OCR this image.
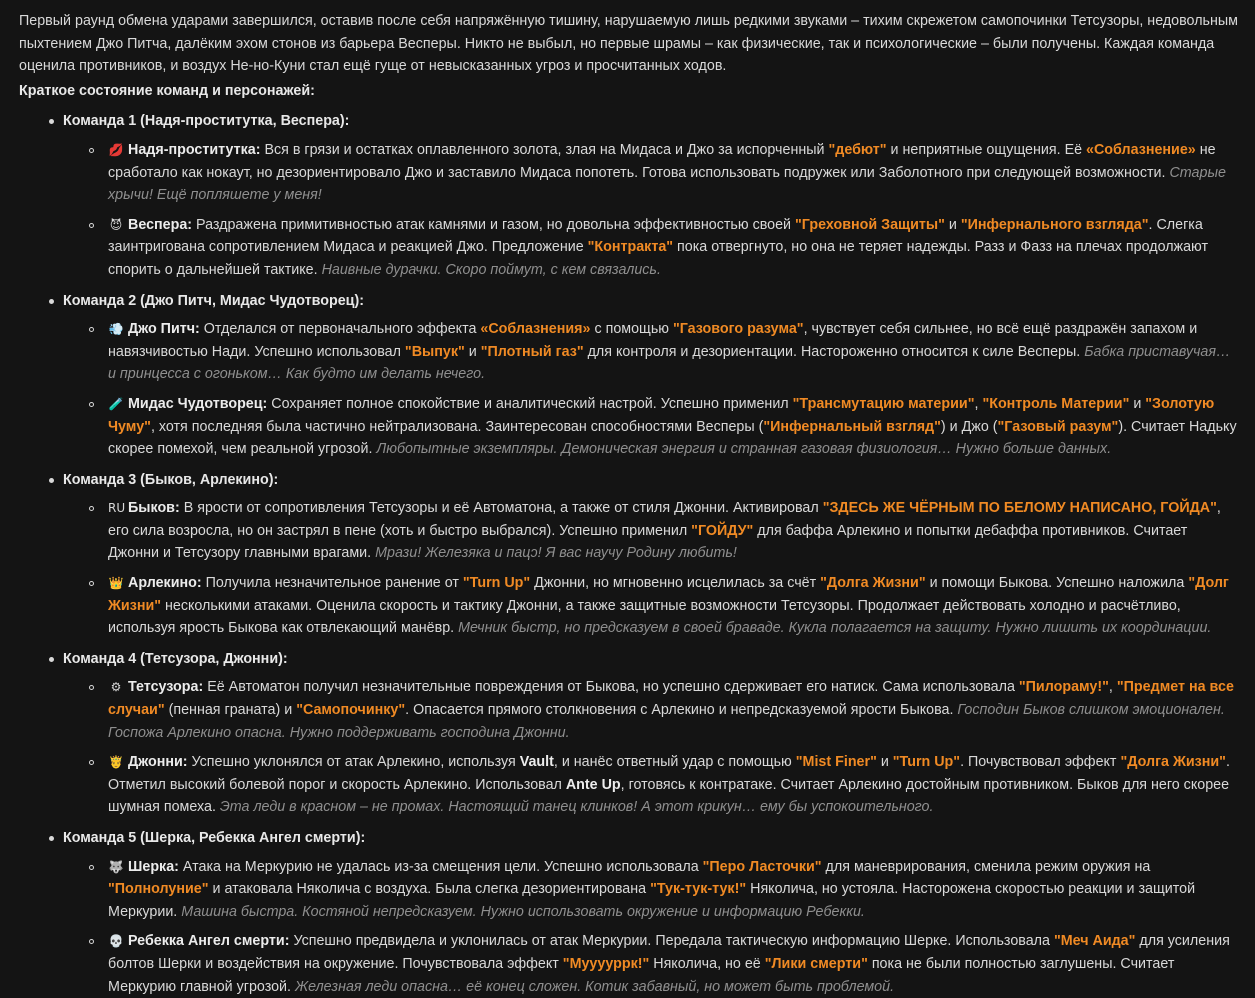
Первый раунд обмена ударами завершился, оставив после себя напряжённую тишину, нарушаемую лишь редкими звуками – тихим скрежетом самопочинки Тетсузоры, недовольным пыхтением Джо Питча, далёким эхом стонов из барьера Весперы. Никто не выбыл, но первые шрамы – как физические, так и психологические – были получены. Каждая команда оценила противников, и воздух Не-но-Куни стал ещё гуще от невысказанных угроз и просчитанных ходов.

Краткое состояние команд и персонажей:

Команда 1 (Надя-проститутка, Веспера):
💋 Надя-проститутка: Вся в грязи и остатках оплавленного золота, злая на Мидаса и Джо за испорченный "дебют" и неприятные ощущения. Её «Соблазнение» не сработало как нокаут, но дезориентировало Джо и заставило Мидаса попотеть. Готова использовать подружек или Заболотного при следующей возможности. Старые хрычи! Ещё попляшете у меня!
😈 Веспера: Раздражена примитивностью атак камнями и газом, но довольна эффективностью своей "Греховной Защиты" и "Инфернального взгляда". Слегка заинтригована сопротивлением Мидаса и реакцией Джо. Предложение "Контракта" пока отвергнуто, но она не теряет надежды. Разз и Фазз на плечах продолжают спорить о дальнейшей тактике. Наивные дурачки. Скоро поймут, с кем связались.
Команда 2 (Джо Питч, Мидас Чудотворец):
💨 Джо Питч: Отделался от первоначального эффекта «Соблазнения» с помощью "Газового разума", чувствует себя сильнее, но всё ещё раздражён запахом и навязчивостью Нади. Успешно использовал "Выпук" и "Плотный газ" для контроля и дезориентации. Настороженно относится к силе Весперы. Бабка приставучая… и принцесса с огоньком… Как будто им делать нечего.
🧪 Мидас Чудотворец: Сохраняет полное спокойствие и аналитический настрой. Успешно применил "Трансмутацию материи", "Контроль Материи" и "Золотую Чуму", хотя последняя была частично нейтрализована. Заинтересован способностями Весперы ("Инфернальный взгляд") и Джо ("Газовый разум"). Считает Надьку скорее помехой, чем реальной угрозой. Любопытные экземпляры. Демоническая энергия и странная газовая физиология… Нужно больше данных.
Команда 3 (Быков, Арлекино):
RU Быков: В ярости от сопротивления Тетсузоры и её Автоматона, а также от стиля Джонни. Активировал "ЗДЕСЬ ЖЕ ЧЁРНЫМ ПО БЕЛОМУ НАПИСАНО, ГОЙДА", его сила возросла, но он застрял в пене (хоть и быстро выбрался). Успешно применил "ГОЙДУ" для баффа Арлекино и попытки дебаффа противников. Считает Джонни и Тетсузору главными врагами. Мрази! Железяка и пацↄ! Я вас научу Родину любить!
👑 Арлекино: Получила незначительное ранение от "Turn Up" Джонни, но мгновенно исцелилась за счёт "Долга Жизни" и помощи Быкова. Успешно наложила "Долг Жизни" несколькими атаками. Оценила скорость и тактику Джонни, а также защитные возможности Тетсузоры. Продолжает действовать холодно и расчётливо, используя ярость Быкова как отвлекающий манёвр. Мечник быстр, но предсказуем в своей браваде. Кукла полагается на защиту. Нужно лишить их координации.
Команда 4 (Тетсузора, Джонни):
⚙ Тетсузора: Её Автоматон получил незначительные повреждения от Быкова, но успешно сдерживает его натиск. Сама использовала "Пилораму!", "Предмет на все случаи" (пенная граната) и "Самопочинку". Опасается прямого столкновения с Арлекино и непредсказуемой ярости Быкова. Господин Быков слишком эмоционален. Госпожа Арлекино опасна. Нужно поддерживать господина Джонни.
🤴 Джонни: Успешно уклонялся от атак Арлекино, используя Vault, и нанёс ответный удар с помощью "Mist Finer" и "Turn Up". Почувствовал эффект "Долга Жизни". Отметил высокий болевой порог и скорость Арлекино. Использовал Ante Up, готовясь к контратаке. Считает Арлекино достойным противником. Быков для него скорее шумная помеха. Эта леди в красном – не промах. Настоящий танец клинков! А этот крикун… ему бы успокоительного.
Команда 5 (Шерка, Ребекка Ангел смерти):
🐺 Шерка: Атака на Меркурию не удалась из-за смещения цели. Успешно использовала "Перо Ласточки" для маневрирования, сменила режим оружия на "Полнолуние" и атаковала Няколича с воздуха. Была слегка дезориентирована "Тук-тук-тук!" Няколича, но устояла. Насторожена скоростью реакции и защитой Меркурии. Машина быстра. Костяной непредсказуем. Нужно использовать окружение и информацию Ребекки.
💀 Ребекка Ангел смерти: Успешно предвидела и уклонилась от атак Меркурии. Передала тактическую информацию Шерке. Использовала "Меч Аида" для усиления болтов Шерки и воздействия на окружение. Почувствовала эффект "Мууууррк!" Няколича, но её "Лики смерти" пока не были полностью заглушены. Считает Меркурию главной угрозой. Железная леди опасна… её конец сложен. Котик забавный, но может быть проблемой.
